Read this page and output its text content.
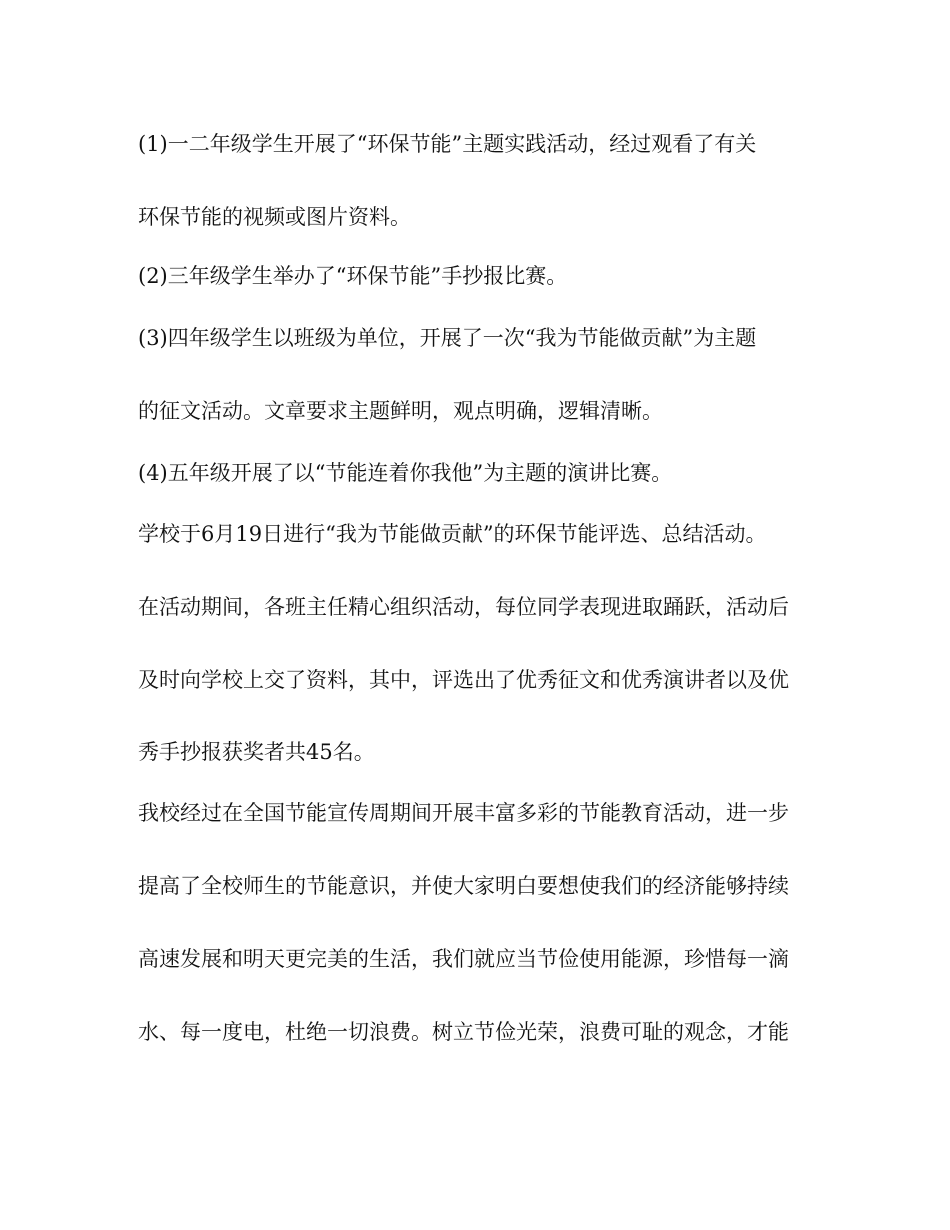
(1)一二年级学生开展了“环保节能”主题实践活动，经过观看了有关
环保节能的视频或图片资料。
(2)三年级学生举办了“环保节能”手抄报比赛。
(3)四年级学生以班级为单位，开展了一次“我为节能做贡献”为主题
的征文活动。文章要求主题鲜明，观点明确，逻辑清晰。
(4)五年级开展了以“节能连着你我他”为主题的演讲比赛。
学校于6月19日进行“我为节能做贡献”的环保节能评选、总结活动。
在活动期间，各班主任精心组织活动，每位同学表现进取踊跃，活动后
及时向学校上交了资料，其中，评选出了优秀征文和优秀演讲者以及优
秀手抄报获奖者共45名。
我校经过在全国节能宣传周期间开展丰富多彩的节能教育活动，进一步
提高了全校师生的节能意识，并使大家明白要想使我们的经济能够持续
高速发展和明天更完美的生活，我们就应当节俭使用能源，珍惜每一滴
水、每一度电，杜绝一切浪费。树立节俭光荣，浪费可耻的观念，才能
